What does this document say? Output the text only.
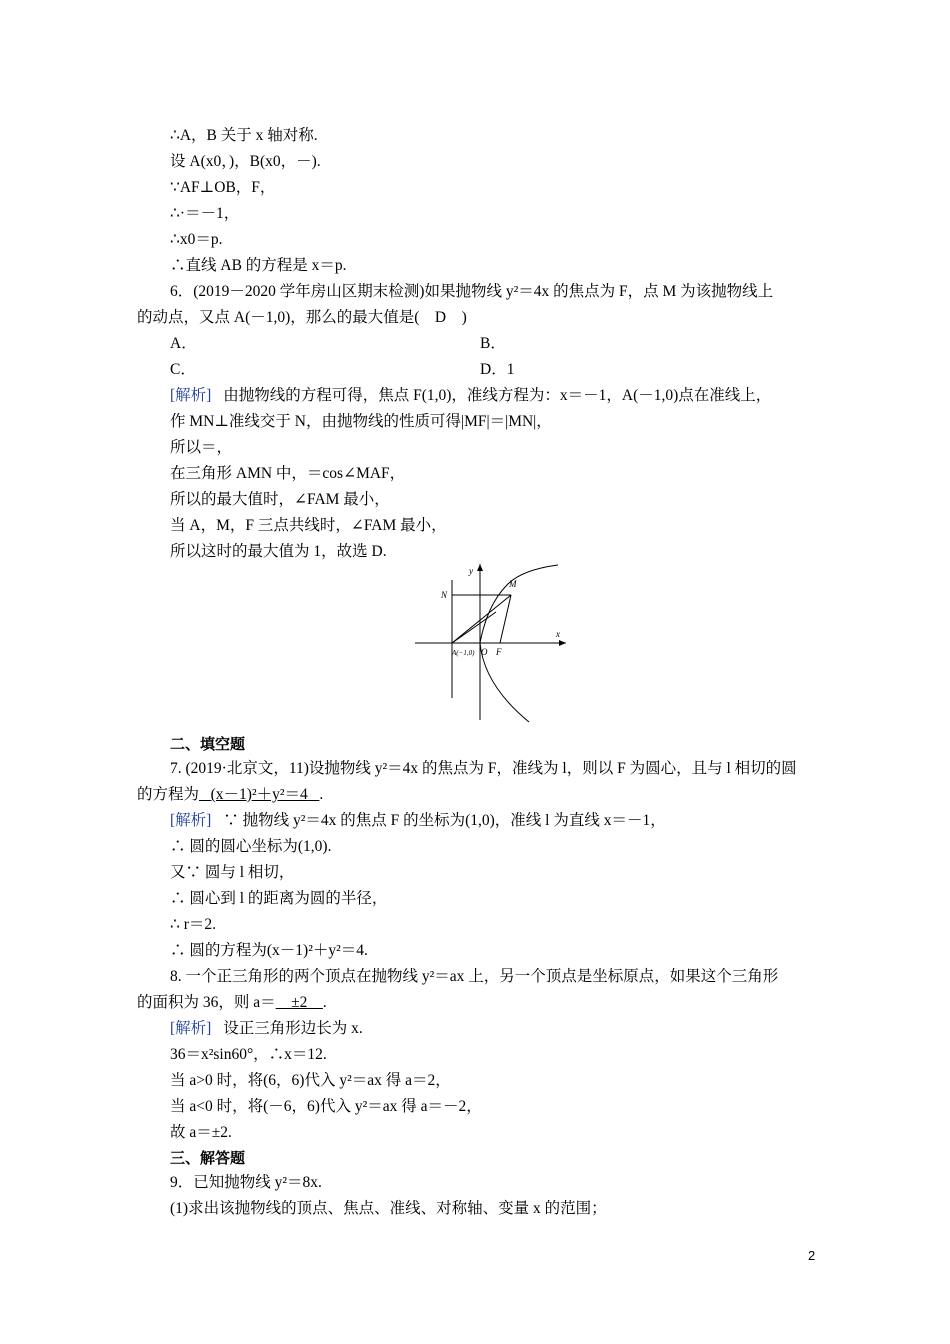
∴A，B 关于 x 轴对称.
设 A(x0，)，B(x0，－).
∵AF⊥OB，F，
∴·＝－1，
∴x0＝p.
∴直线 AB 的方程是 x＝p.
6．(2019－2020 学年房山区期末检测)如果抛物线 y²＝4x 的焦点为 F，点 M 为该抛物线上
的动点，又点 A(－1,0)，那么的最大值是(　D　)
A．	B．
C．	D．1
[解析] 由抛物线的方程可得，焦点 F(1,0)，准线方程为：x＝－1，A(－1,0)点在准线上，
作 MN⊥准线交于 N，由抛物线的性质可得|MF|＝|MN|，
所以＝，
在三角形 AMN 中，＝cos∠MAF，
所以的最大值时，∠FAM 最小，
当 A，M，F 三点共线时，∠FAM 最小，
所以这时的最大值为 1，故选 D.
y
x
M
N
A(−1,0) O F
二、填空题
7. (2019·北京文，11)设抛物线 y²＝4x 的焦点为 F，准线为 l，则以 F 为圆心，且与 l 相切的圆
的方程为 (x－1)²＋y²＝4 .
[解析] ∵ 抛物线 y²＝4x 的焦点 F 的坐标为(1,0)，准线 l 为直线 x＝－1，
∴ 圆的圆心坐标为(1,0).
又∵ 圆与 l 相切，
∴ 圆心到 l 的距离为圆的半径，
∴ r＝2.
∴ 圆的方程为(x－1)²＋y²＝4.
8. 一个正三角形的两个顶点在抛物线 y²＝ax 上，另一个顶点是坐标原点，如果这个三角形
的面积为 36，则 a＝ ±2 .
[解析] 设正三角形边长为 x.
36＝x²sin60°，∴x＝12.
当 a>0 时，将(6，6)代入 y²＝ax 得 a＝2，
当 a<0 时，将(－6，6)代入 y²＝ax 得 a＝－2，
故 a＝±2.
三、解答题
9．已知抛物线 y²＝8x.
(1)求出该抛物线的顶点、焦点、准线、对称轴、变量 x 的范围；
2
